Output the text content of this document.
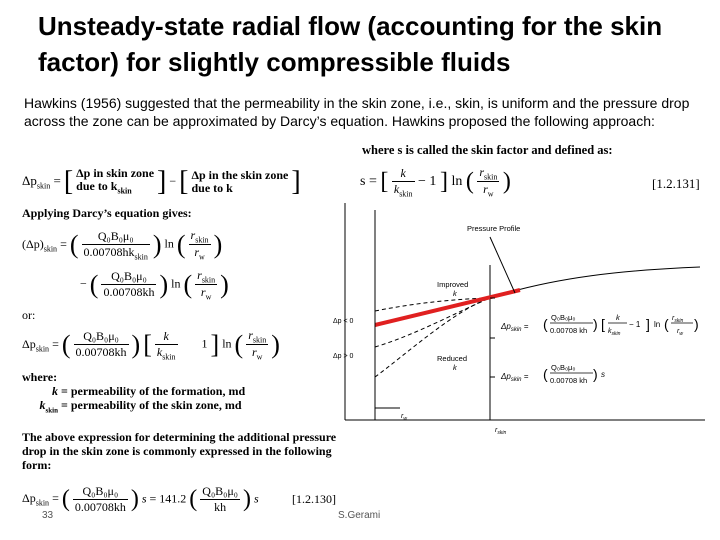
Unsteady-state radial flow (accounting for the skin factor) for slightly compressible fluids
Hawkins (1956) suggested that the permeability in the skin zone, i.e., skin, is uniform and the pressure drop across the zone can be approximated by Darcy’s equation. Hawkins proposed the following approach:
where s is called the skin factor and defined as:
s = [ $\frac{k}{k_{skin}} - 1$ ] ln ( $\frac{r_{skin}}{r_w}$ )	[1.2.131]
$\Delta p_{skin}$ = [ Δp in skin zone
due to $k_{skin}$ ] − [ Δp in the skin zone
due to k ]
Applying Darcy’s equation gives:
$(\Delta p)_{skin}$ = ( $\frac{\text{Q₀B₀μ₀}}{0.00708hk_{skin}}$ ) ln ( $\frac{r_{skin}}{r_w}$ )
− ( $\frac{\text{Q₀B₀μ₀}}{0.00708kh}$ ) ln ( $\frac{r_{skin}}{r_w}$ )
or:
$\Delta p_{skin}$ = ( $\frac{\text{Q₀B₀μ₀}}{0.00708kh}$ ) [ $\frac{k}{k_{skin}} 1$ ] ln ( $\frac{r_{skin}}{r_w}$ )
where:
k = permeability of the formation, md
$k_{skin}$ = permeability of the skin zone, md
The above expression for determining the additional pressure drop in the skin zone is commonly expressed in the following form:
$\Delta p_{skin}$ = ( $\frac{\text{Q₀B₀μ₀}}{0.00708kh}$ ) s = 141.2 ( $\frac{\text{Q₀B₀μ₀}}{kh}$ ) s	[1.2.130]
Pressure Profile
Improved
k
Reduced
k
Δp < 0
Δp > 0
$r_w$
$r_{skin}$
$\Delta p_{skin}$ = ( Q₀B₀μ₀
0.00708 kh ) [ k
$k_{skin}$
− 1 ] ln ( $r_{skin}$
$r_w$
)
$\Delta p_{skin}$ = ( Q₀B₀μ₀
0.00708 kh ) s
33	S.Gerami
